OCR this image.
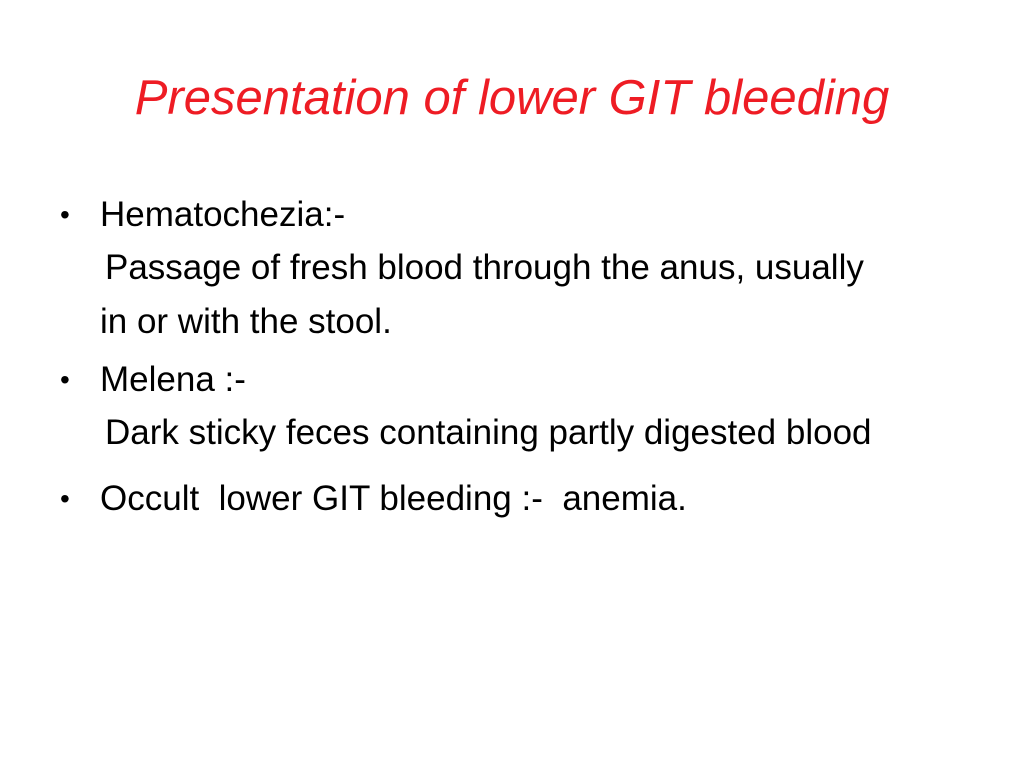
Presentation of lower GIT bleeding
• Hematochezia:-
Passage of fresh blood through the anus, usually in or with the stool.
• Melena :-
Dark sticky feces containing partly digested blood
• Occult  lower GIT bleeding :-  anemia.
